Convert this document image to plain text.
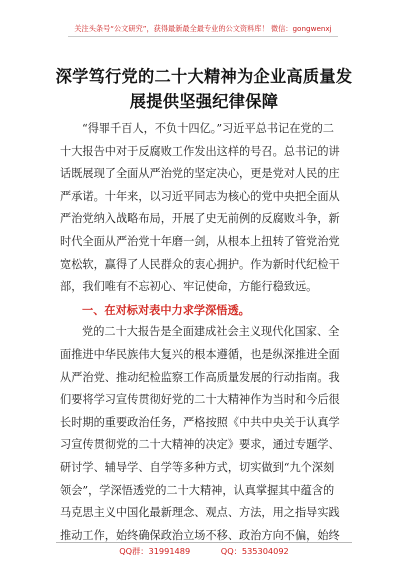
关注头条号“公文研究”，获得最新最全最专业的公文资料库！ 微信：gongwenxj
深学笃行党的二十大精神为企业高质量发
展提供坚强纪律保障
“得罪千百人，不负十四亿。”习近平总书记在党的二
十大报告中对于反腐败工作发出这样的号召。总书记的讲
话既展现了全面从严治党的坚定决心，更是党对人民的庄
严承诺。十年来，以习近平同志为核心的党中央把全面从
严治党纳入战略布局，开展了史无前例的反腐败斗争，新
时代全面从严治党十年磨一剑，从根本上扭转了管党治党
宽松软，赢得了人民群众的衷心拥护。作为新时代纪检干
部，我们唯有不忘初心、牢记使命，方能行稳致远。
一、在对标对表中力求学深悟透。
党的二十大报告是全面建成社会主义现代化国家、全
面推进中华民族伟大复兴的根本遵循，也是纵深推进全面
从严治党、推动纪检监察工作高质量发展的行动指南。我
们要将学习宣传贯彻好党的二十大精神作为当时和今后很
长时期的重要政治任务，严格按照《中共中央关于认真学
习宣传贯彻党的二十大精神的决定》要求，通过专题学、
研讨学、辅导学、自学等多种方式，切实做到“九个深刻
领会”，学深悟透党的二十大精神，认真掌握其中蕴含的
马克思主义中国化最新理念、观点、方法，用之指导实践
推动工作，始终确保政治立场不移、政治方向不偏，始终
QQ群：31991489	QQ：535304092
